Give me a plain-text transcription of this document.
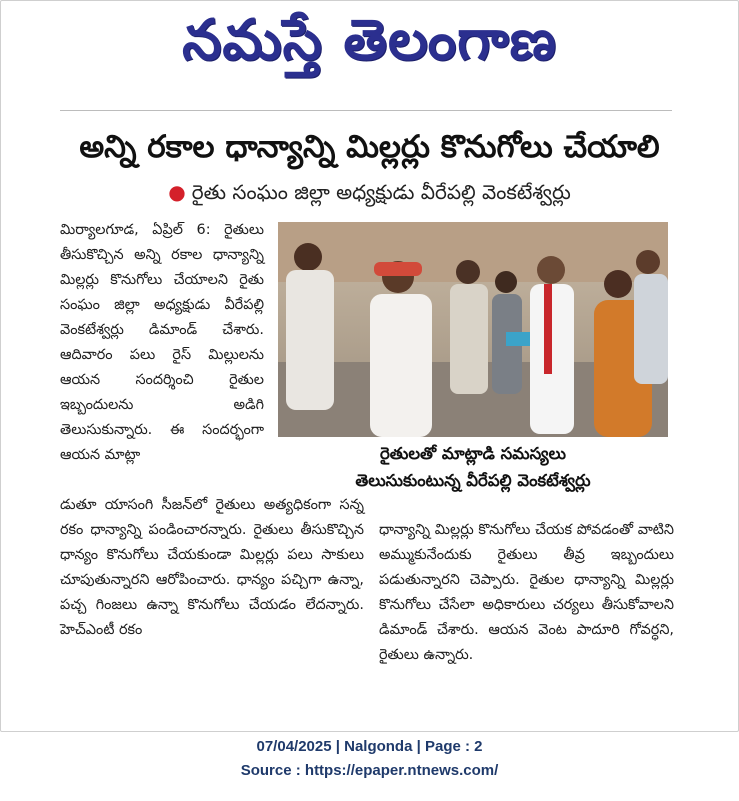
నమస్తే తెలంగాణ
అన్ని రకాల ధాన్యాన్ని మిల్లర్లు కొనుగోలు చేయాలి
● రైతు సంఘం జిల్లా అధ్యక్షుడు వీరేపల్లి వెంకటేశ్వర్లు
మిర్యాలగూడ, ఏప్రిల్ 6: రైతులు తీసుకొచ్చిన అన్ని రకాల ధాన్యాన్ని మిల్లర్లు కొనుగోలు చేయాలని రైతు సంఘం జిల్లా అధ్యక్షుడు వీరేపల్లి వెంకటేశ్వర్లు డిమాండ్ చేశారు. ఆదివారం పలు రైస్ మిల్లులను ఆయన సందర్శించి రైతుల ఇబ్బందులను అడిగి తెలుసుకున్నారు. ఈ సందర్భంగా ఆయన మాట్లా	రైతులతో మాట్లాడి సమస్యలు
తెలుసుకుంటున్న వీరేపల్లి వెంకటేశ్వర్లు
డుతూ యాసంగి సీజన్‌లో రైతులు అత్యధికంగా సన్న రకం ధాన్యాన్ని పండించారన్నారు. రైతులు తీసుకొచ్చిన ధాన్యం కొనుగోలు చేయకుండా మిల్లర్లు పలు సాకులు చూపుతున్నారని ఆరోపించారు. ధాన్యం పచ్చిగా ఉన్నా, పచ్చ గింజలు ఉన్నా కొనుగోలు చేయడం లేదన్నారు. హెచ్ఎంటీ రకం
ధాన్యాన్ని మిల్లర్లు కొనుగోలు చేయక పోవడంతో వాటిని అమ్ముకునేందుకు రైతులు తీవ్ర ఇబ్బందులు పడుతున్నారని చెప్పారు. రైతుల ధాన్యాన్ని మిల్లర్లు కొనుగోలు చేసేలా అధికారులు చర్యలు తీసుకోవాలని డిమాండ్ చేశారు. ఆయన వెంట పాదూరి గోవర్ధని, రైతులు ఉన్నారు.
07/04/2025 | Nalgonda | Page : 2
Source : https://epaper.ntnews.com/
